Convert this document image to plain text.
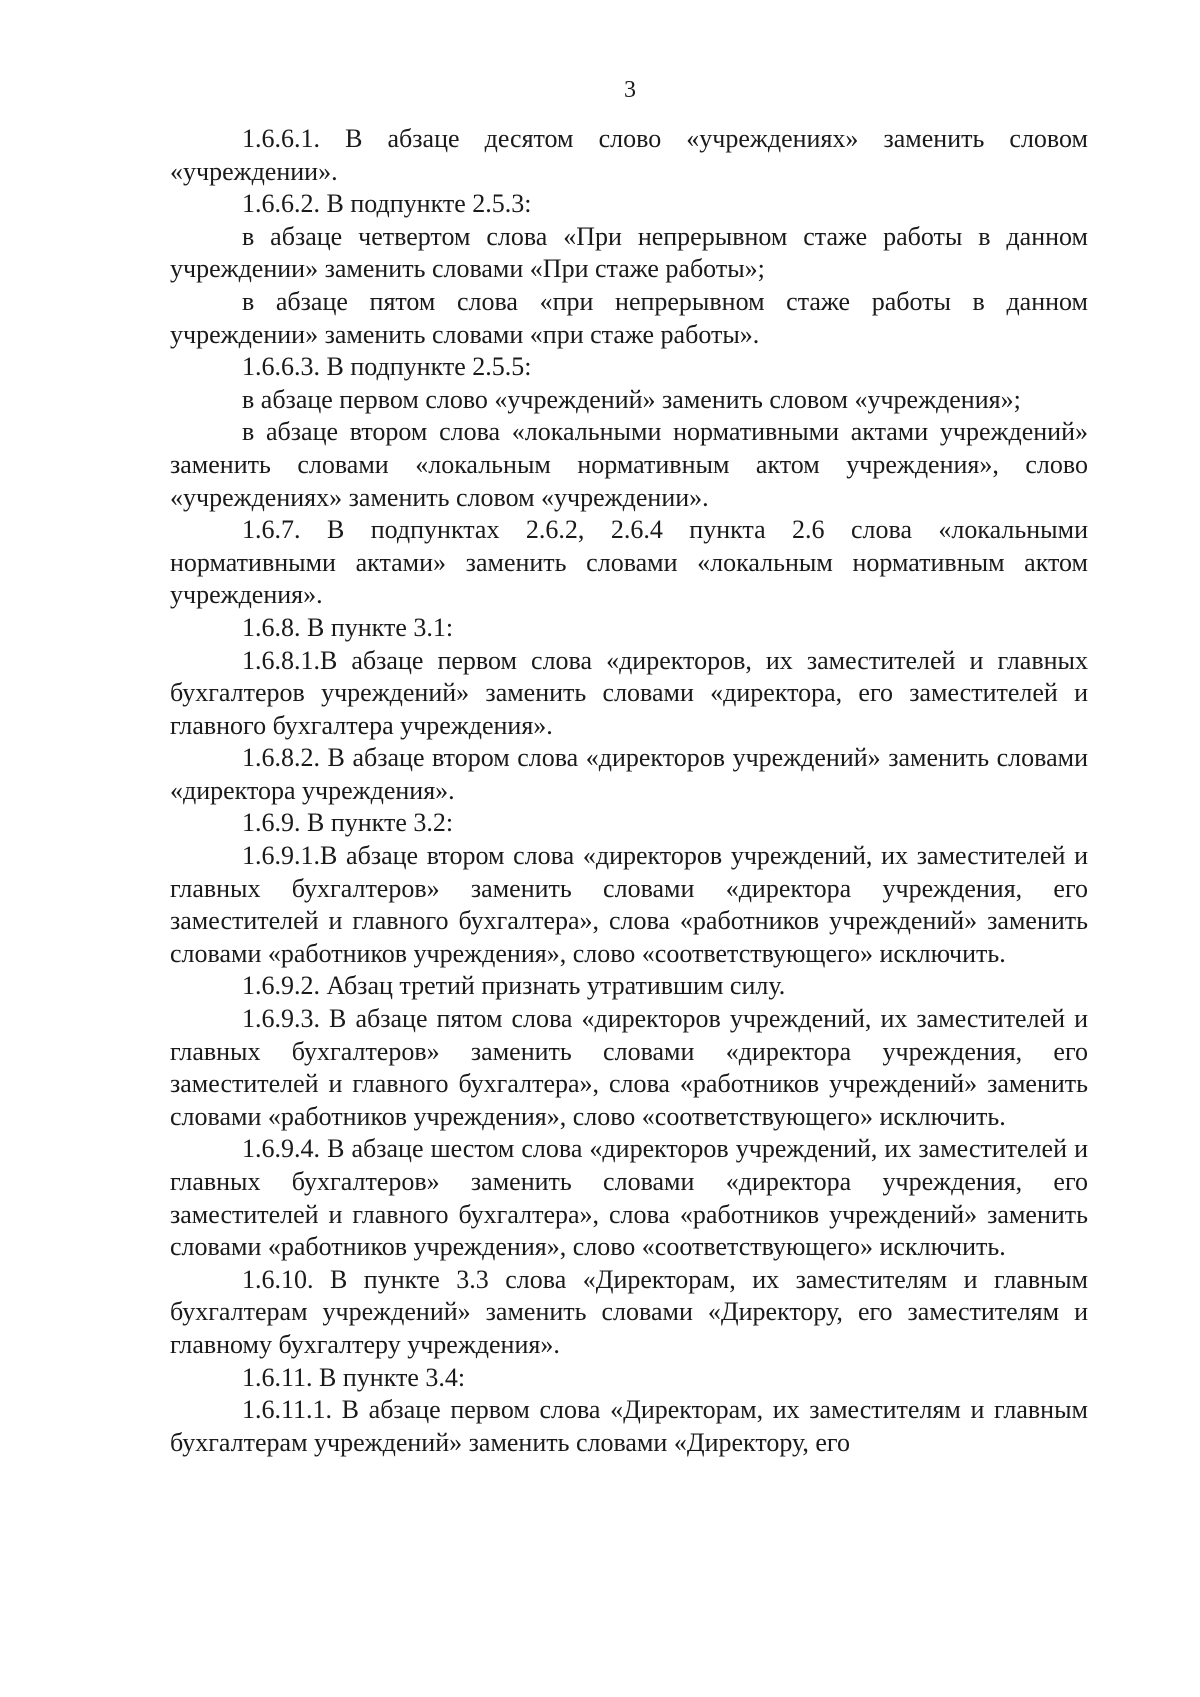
3

1.6.6.1. В абзаце десятом слово «учреждениях» заменить словом «учреждении».

1.6.6.2. В подпункте 2.5.3:

в абзаце четвертом слова «При непрерывном стаже работы в данном учреждении» заменить словами «При стаже работы»;

в абзаце пятом слова «при непрерывном стаже работы в данном учреждении» заменить словами «при стаже работы».

1.6.6.3. В подпункте 2.5.5:

в абзаце первом слово «учреждений» заменить словом «учреждения»;

в абзаце втором слова «локальными нормативными актами учреждений» заменить словами «локальным нормативным актом учреждения», слово «учреждениях» заменить словом «учреждении».

1.6.7. В подпунктах 2.6.2, 2.6.4 пункта 2.6 слова «локальными нормативными актами» заменить словами «локальным нормативным актом учреждения».

1.6.8. В пункте 3.1:

1.6.8.1.В абзаце первом слова «директоров, их заместителей и главных бухгалтеров учреждений» заменить словами «директора, его заместителей и главного бухгалтера учреждения».

1.6.8.2. В абзаце втором слова «директоров учреждений» заменить словами «директора учреждения».

1.6.9. В пункте 3.2:

1.6.9.1.В абзаце втором слова «директоров учреждений, их заместителей и главных бухгалтеров» заменить словами «директора учреждения, его заместителей и главного бухгалтера», слова «работников учреждений» заменить словами «работников учреждения», слово «соответствующего» исключить.

1.6.9.2. Абзац третий признать утратившим силу.

1.6.9.3. В абзаце пятом слова «директоров учреждений, их заместителей и главных бухгалтеров» заменить словами «директора учреждения, его заместителей и главного бухгалтера», слова «работников учреждений» заменить словами «работников учреждения», слово «соответствующего» исключить.

1.6.9.4. В абзаце шестом слова «директоров учреждений, их заместителей и главных бухгалтеров» заменить словами «директора учреждения, его заместителей и главного бухгалтера», слова «работников учреждений» заменить словами «работников учреждения», слово «соответствующего» исключить.

1.6.10. В пункте 3.3 слова «Директорам, их заместителям и главным бухгалтерам учреждений» заменить словами «Директору, его заместителям и главному бухгалтеру учреждения».

1.6.11. В пункте 3.4:

1.6.11.1. В абзаце первом слова «Директорам, их заместителям и главным бухгалтерам учреждений» заменить словами «Директору, его
